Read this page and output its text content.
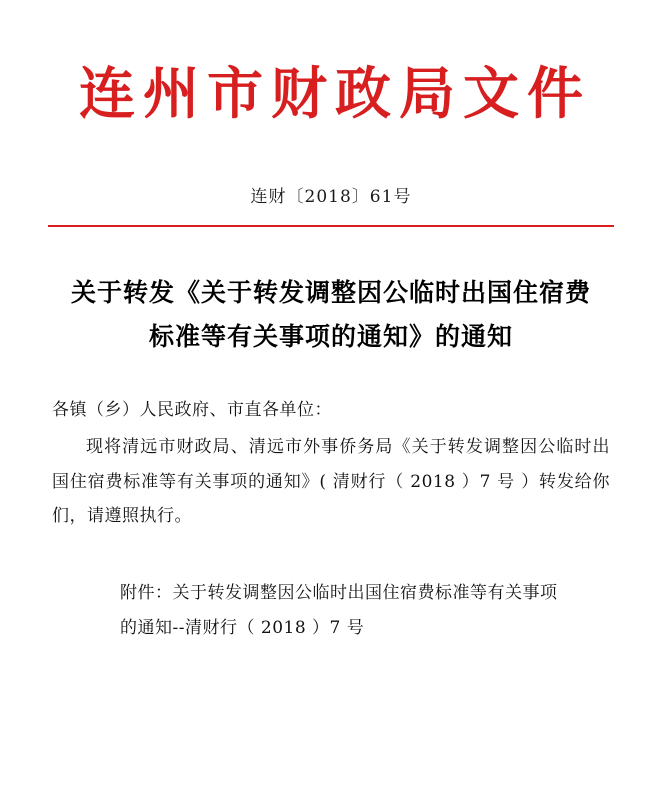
连州市财政局文件
连财〔2018〕61号
关于转发《关于转发调整因公临时出国住宿费
标准等有关事项的通知》的通知

各镇（乡）人民政府、市直各单位：

现将清远市财政局、清远市外事侨务局《关于转发调整因公临时出国住宿费标准等有关事项的通知》( 清财行（ 2018 ）7 号 ）转发给你们，请遵照执行。

附件：关于转发调整因公临时出国住宿费标准等有关事项

的通知--清财行（ 2018 ）7 号
